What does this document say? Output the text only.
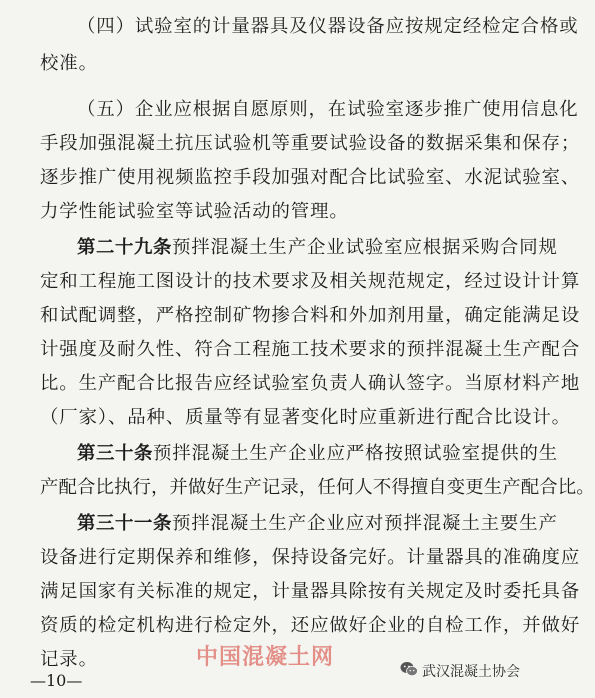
（四）试验室的计量器具及仪器设备应按规定经检定合格或
校准。
（五）企业应根据自愿原则，在试验室逐步推广使用信息化
手段加强混凝土抗压试验机等重要试验设备的数据采集和保存；
逐步推广使用视频监控手段加强对配合比试验室、水泥试验室、
力学性能试验室等试验活动的管理。
第二十九条 预拌混凝土生产企业试验室应根据采购合同规
定和工程施工图设计的技术要求及相关规范规定，经过设计计算
和试配调整，严格控制矿物掺合料和外加剂用量，确定能满足设
计强度及耐久性、符合工程施工技术要求的预拌混凝土生产配合
比。生产配合比报告应经试验室负责人确认签字。当原材料产地
（厂家）、品种、质量等有显著变化时应重新进行配合比设计。
第三十条 预拌混凝土生产企业应严格按照试验室提供的生
产配合比执行，并做好生产记录，任何人不得擅自变更生产配合比。
第三十一条 预拌混凝土生产企业应对预拌混凝土主要生产
设备进行定期保养和维修，保持设备完好。计量器具的准确度应
满足国家有关标准的规定，计量器具除按有关规定及时委托具备
资质的检定机构进行检定外，还应做好企业的自检工作，并做好
记录。	中国混凝土网
武汉混凝土协会
—10—
